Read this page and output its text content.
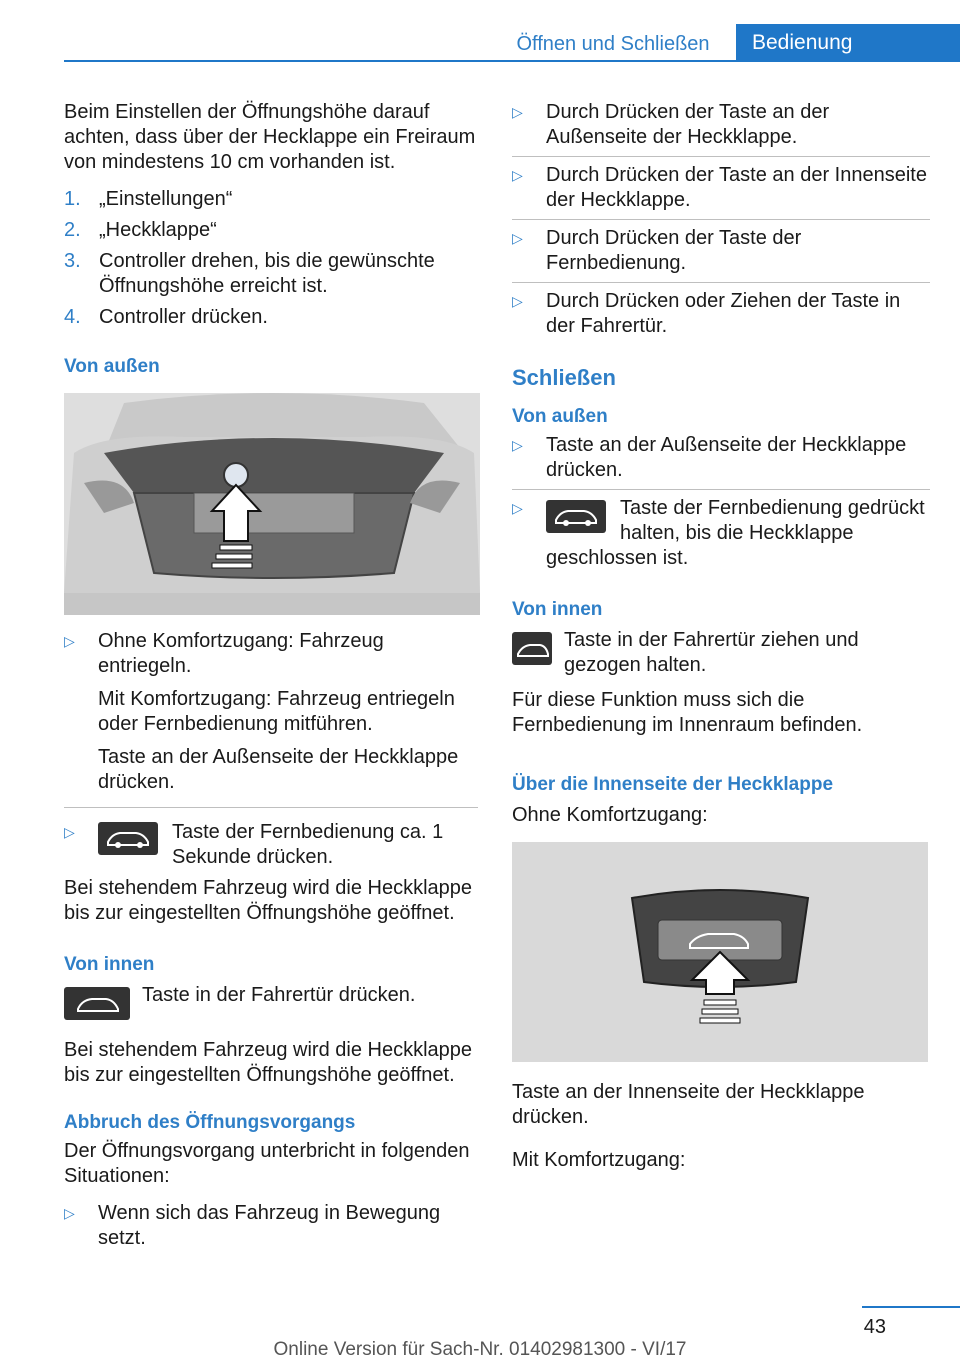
Öffnen und Schließen	Bedienung

Beim Einstellen der Öffnungshöhe darauf achten, dass über der Hecklappe ein Freiraum von mindestens 10 cm vorhanden ist.

1. „Einstellungen“
2. „Heckklappe“
3. Controller drehen, bis die gewünschte Öffnungshöhe erreicht ist.
4. Controller drücken.

Von außen

▷	Ohne Komfortzugang: Fahrzeug entriegeln.

Mit Komfortzugang: Fahrzeug entriegeln oder Fernbedienung mitführen.

Taste an der Außenseite der Heckklappe drücken.

▷	Taste der Fernbedienung ca. 1 Sekunde drücken.

Bei stehendem Fahrzeug wird die Heckklappe bis zur eingestellten Öffnungshöhe geöffnet.

Von innen

Taste in der Fahrertür drücken.

Bei stehendem Fahrzeug wird die Heckklappe bis zur eingestellten Öffnungshöhe geöffnet.

Abbruch des Öffnungsvorgangs

Der Öffnungsvorgang unterbricht in folgenden Situationen:

▷	Wenn sich das Fahrzeug in Bewegung setzt.

▷	Durch Drücken der Taste an der Außenseite der Heckklappe.

▷	Durch Drücken der Taste an der Innenseite der Heckklappe.

▷	Durch Drücken der Taste der Fernbedienung.

▷	Durch Drücken oder Ziehen der Taste in der Fahrertür.

Schließen

Von außen

▷	Taste an der Außenseite der Heckklappe drücken.

▷	Taste der Fernbedienung gedrückt halten, bis die Heckklappe geschlossen ist.

Von innen

Taste in der Fahrertür ziehen und gezogen halten.

Für diese Funktion muss sich die Fernbedienung im Innenraum befinden.

Über die Innenseite der Heckklappe

Ohne Komfortzugang:

Taste an der Innenseite der Heckklappe drücken.

Mit Komfortzugang:

43
Online Version für Sach-Nr. 01402981300 - VI/17
